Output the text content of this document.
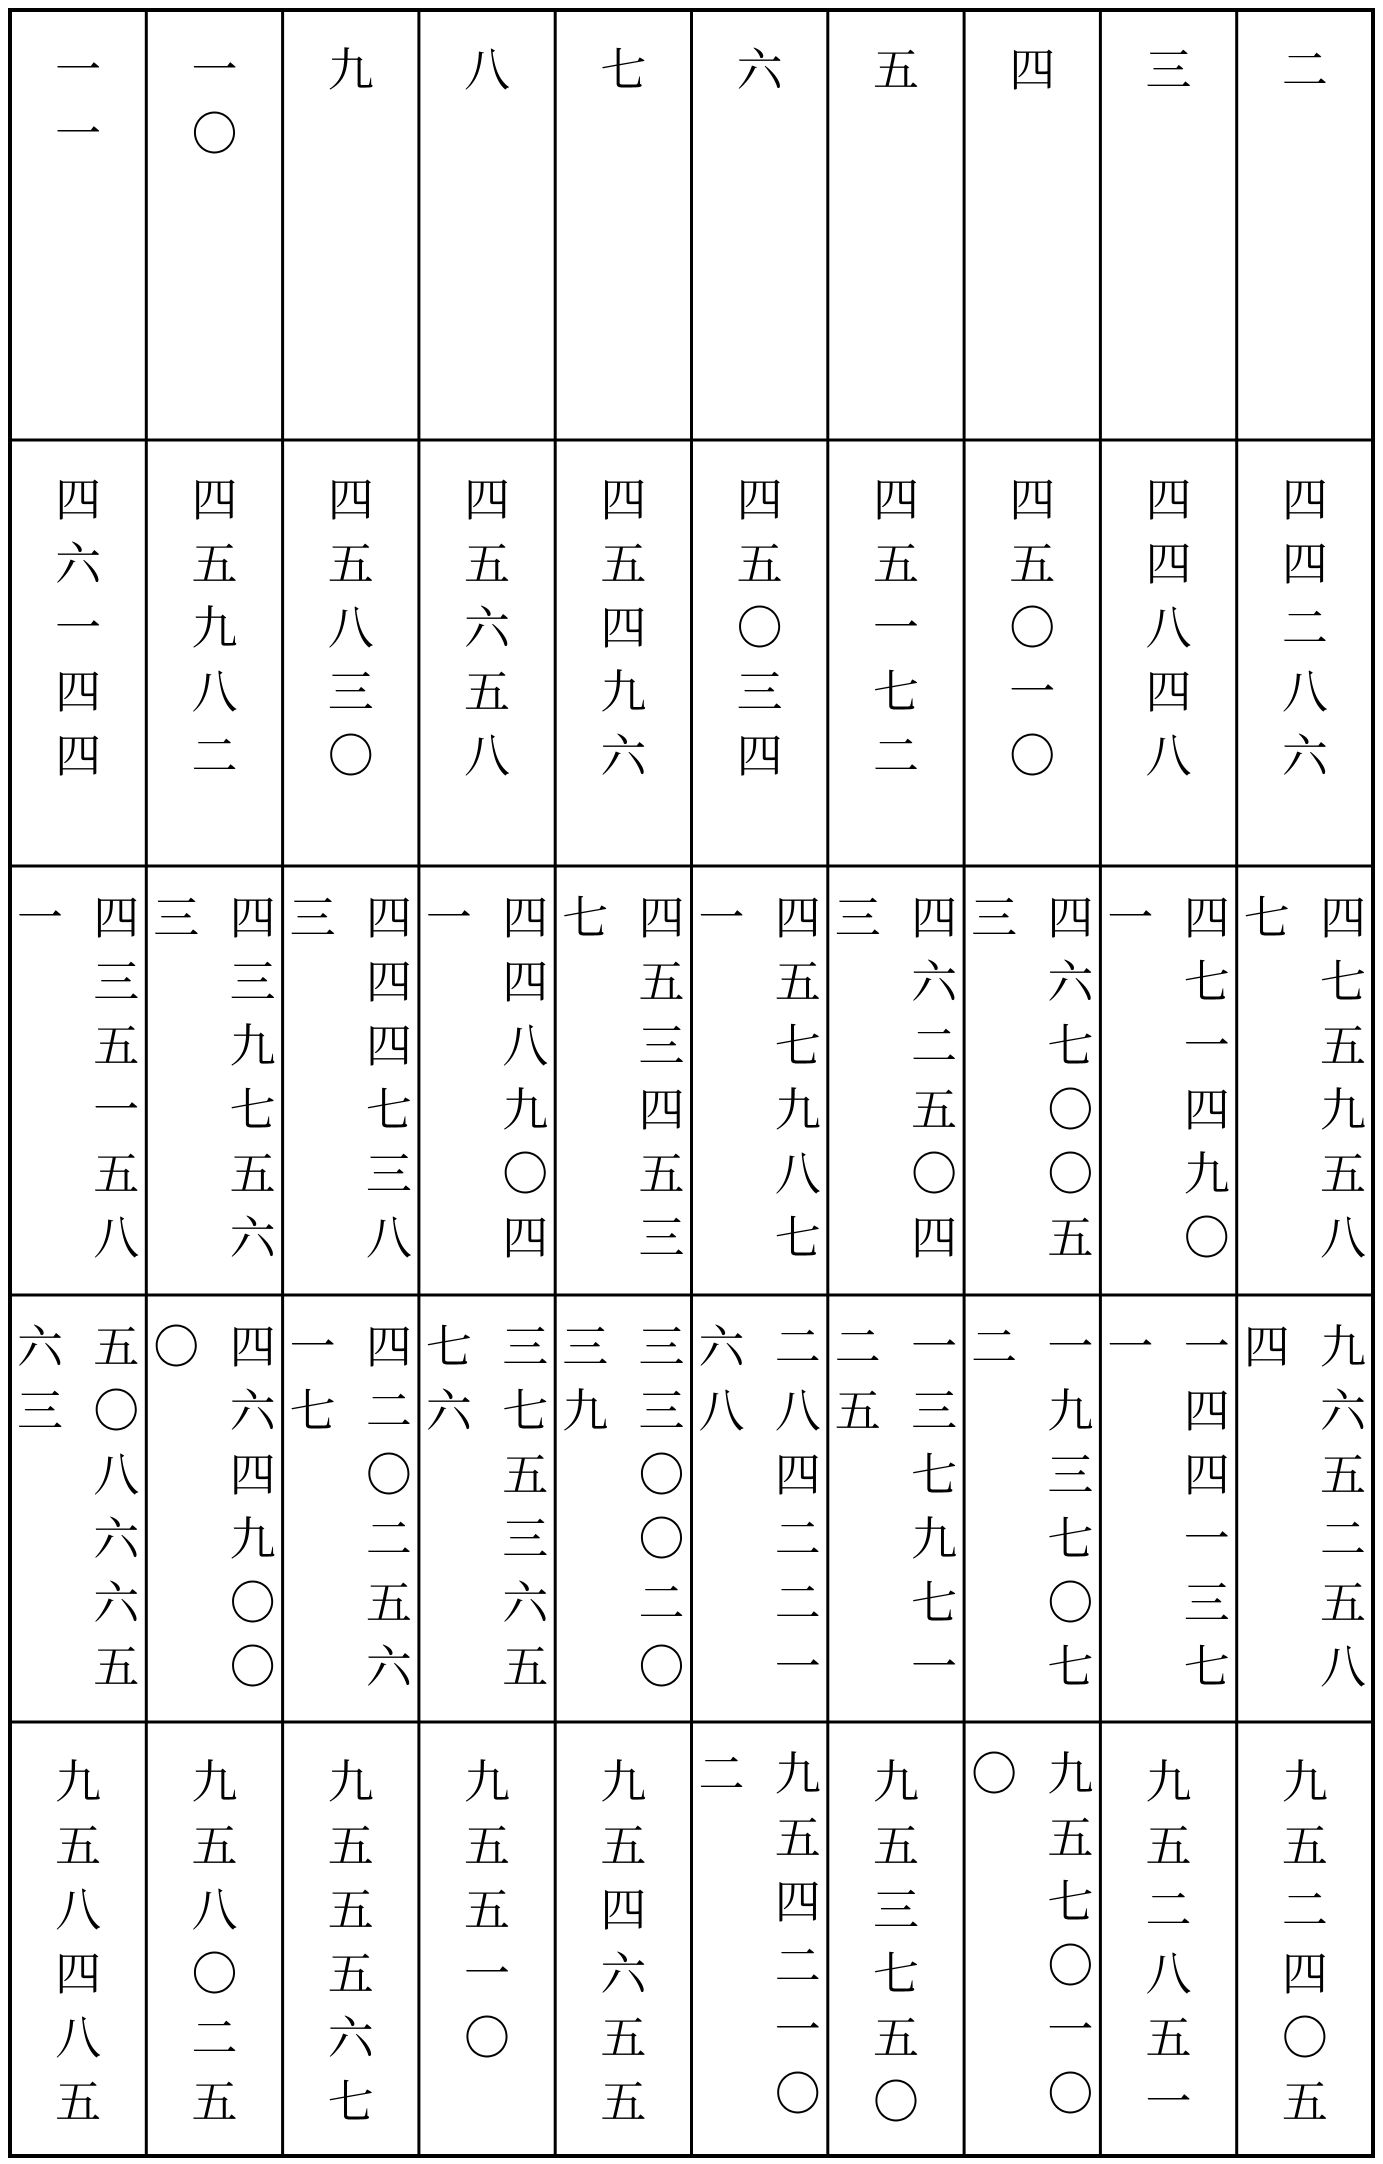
二
四四二八六
四七五九五八七
九六五二五八四
九五二四〇五
三
四四八四八
四七一四九〇一
一四四一三七一
九五二八五一
四
四五〇一〇
四六七〇〇五三
一九三七〇七二
九五七〇一〇〇
五
四五一七二
四六二五〇四三
一三七九七一二五
九五三七五〇
六
四五〇三四
四五七九八七一
二八四二二一六八
九五四二一〇二
七
四五四九六
四五三四五三七
三三〇〇二〇三九
九五四六五五
八
四五六五八
四四八九〇四一
三七五三六五七六
九五五一〇
九
四五八三〇
四四四七三八三
四二〇二五六一七
九五五五六七
一〇
四五九八二
四三九七五六三
四六四九〇〇〇
九五八〇二五
一一
四六一四四
四三五一五八一
五〇八六六五六三
九五八四八五
